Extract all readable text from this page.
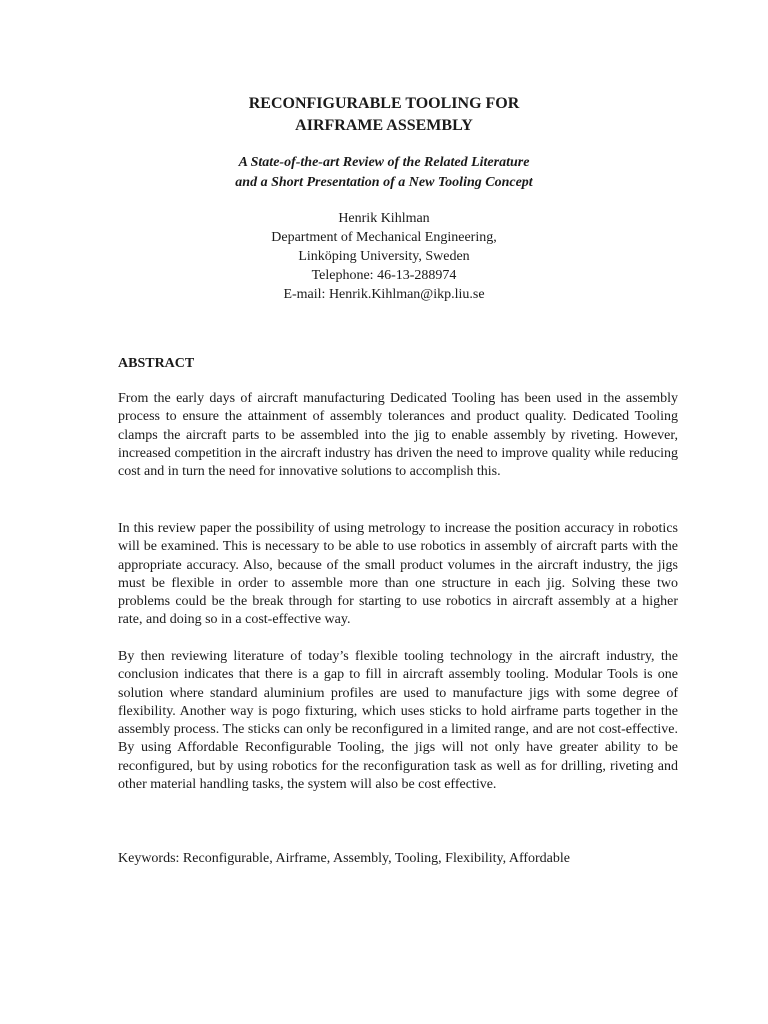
RECONFIGURABLE TOOLING FOR
AIRFRAME ASSEMBLY
A State-of-the-art Review of the Related Literature
and a Short Presentation of a New Tooling Concept
Henrik Kihlman
Department of Mechanical Engineering,
Linköping University, Sweden
Telephone: 46-13-288974
E-mail: Henrik.Kihlman@ikp.liu.se
ABSTRACT
From the early days of aircraft manufacturing Dedicated Tooling has been used in the assembly process to ensure the attainment of assembly tolerances and product quality. Dedicated Tooling clamps the aircraft parts to be assembled into the jig to enable assembly by riveting. However, increased competition in the aircraft industry has driven the need to improve quality while reducing cost and in turn the need for innovative solutions to accomplish this.
In this review paper the possibility of using metrology to increase the position accuracy in robotics will be examined. This is necessary to be able to use robotics in assembly of aircraft parts with the appropriate accuracy. Also, because of the small product volumes in the aircraft industry, the jigs must be flexible in order to assemble more than one structure in each jig. Solving these two problems could be the break through for starting to use robotics in aircraft assembly at a higher rate, and doing so in a cost-effective way.
By then reviewing literature of today’s flexible tooling technology in the aircraft industry, the conclusion indicates that there is a gap to fill in aircraft assembly tooling. Modular Tools is one solution where standard aluminium profiles are used to manufacture jigs with some degree of flexibility. Another way is pogo fixturing, which uses sticks to hold airframe parts together in the assembly process. The sticks can only be reconfigured in a limited range, and are not cost-effective. By using Affordable Reconfigurable Tooling, the jigs will not only have greater ability to be reconfigured, but by using robotics for the reconfiguration task as well as for drilling, riveting and other material handling tasks, the system will also be cost effective.
Keywords: Reconfigurable, Airframe, Assembly, Tooling, Flexibility, Affordable
